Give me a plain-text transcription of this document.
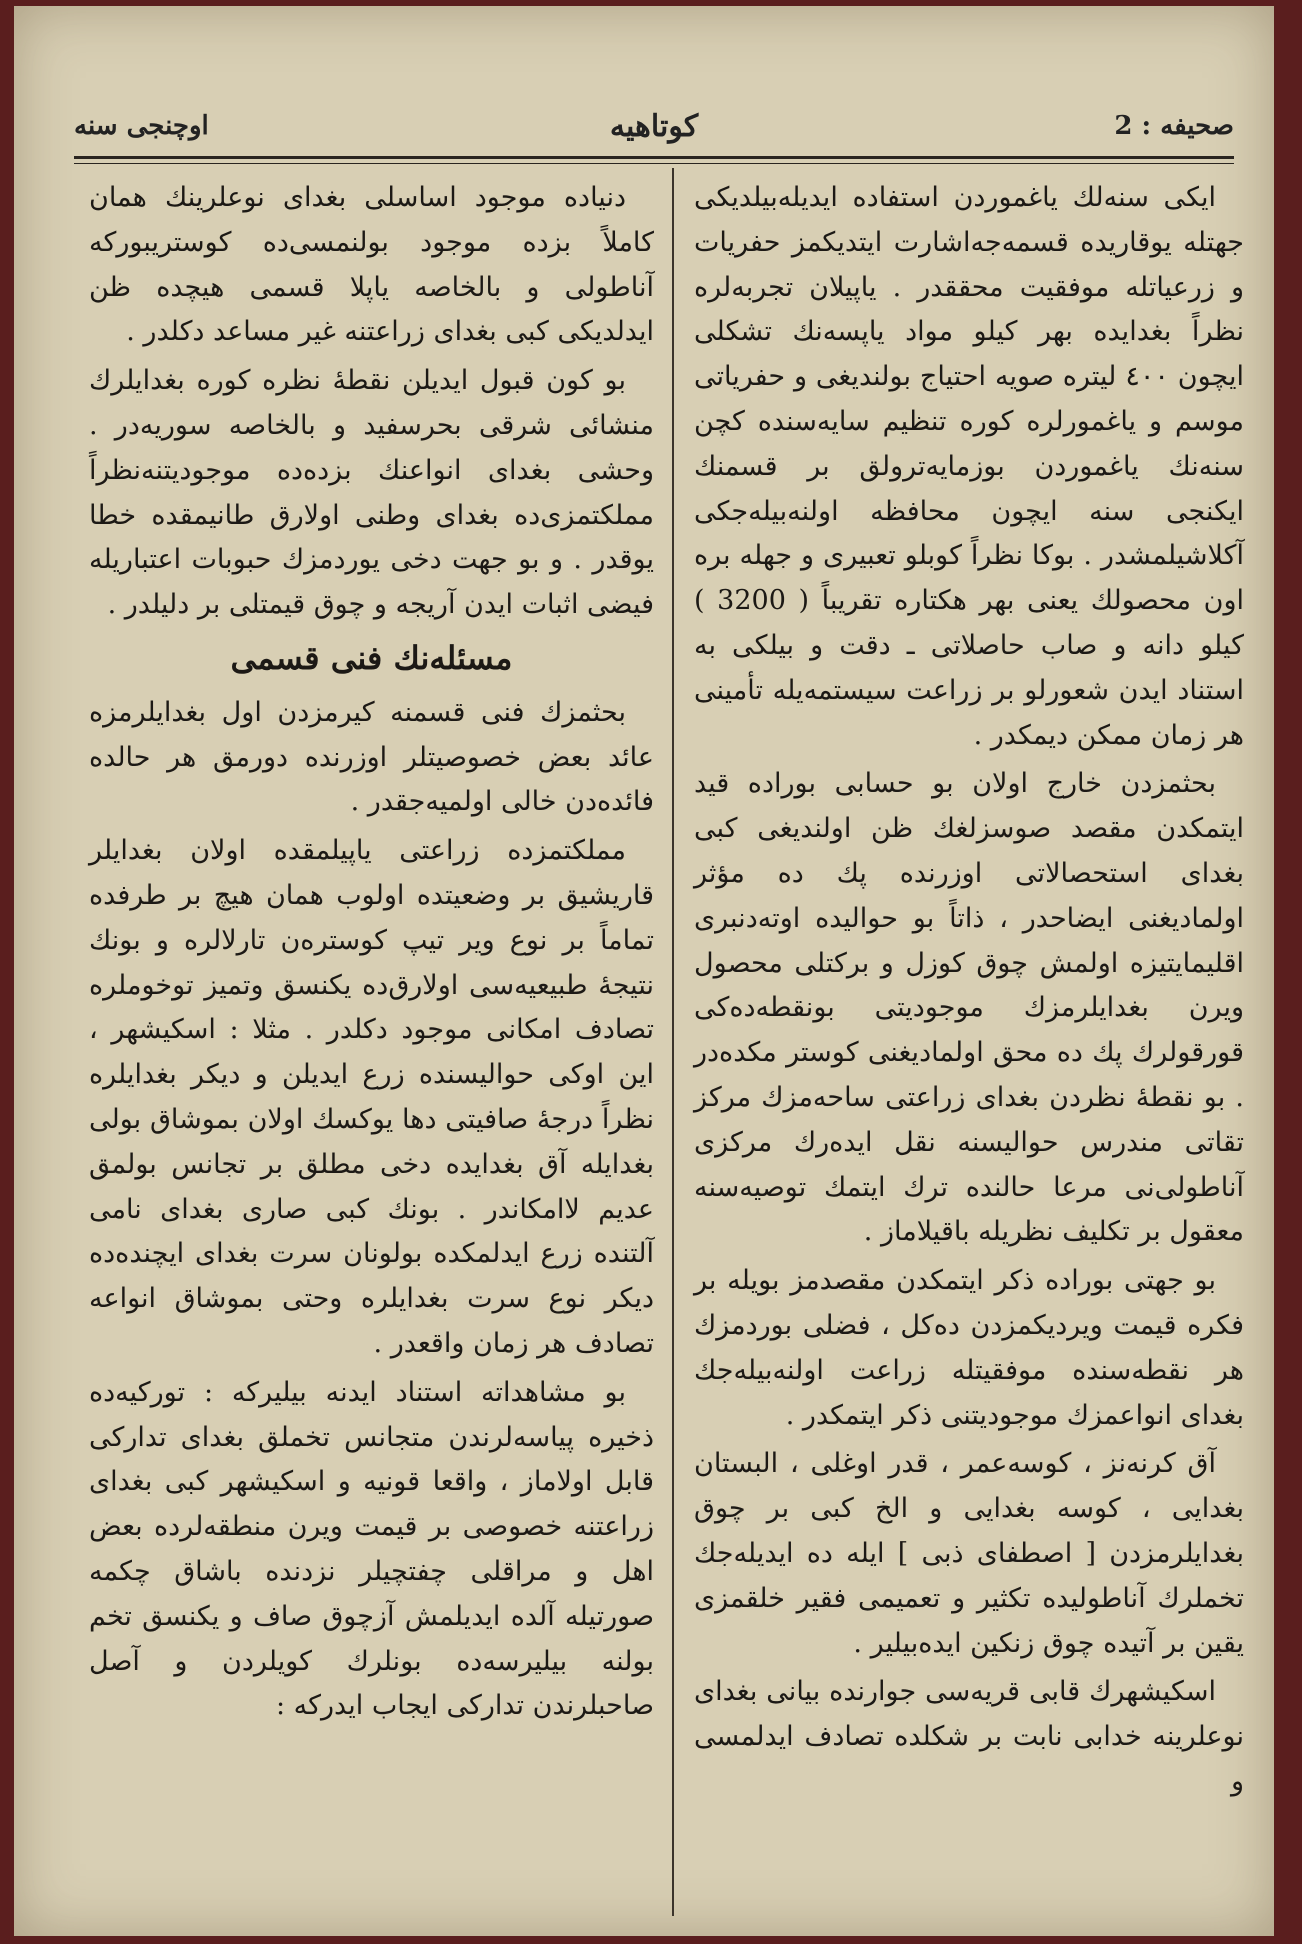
صحيفه : 2
كوتاهيه
اوچنجی سنه

ايكی سنه‌لك ياغموردن استفاده ايديله‌بيلديكی جهتله يوقاريده قسمه‌جه‌اشارت ايتديكمز حفريات و زرعياتله موفقيت محققدر . ياپيلان تجربه‌لره نظراً بغدايده بهر كيلو مواد ياپسه‌نك تشكلی ايچون ٤٠٠ ليتره صويه احتياج بولنديغی و حفرياتی موسم و ياغمورلره كوره تنظيم سايه‌سنده كچن سنه‌نك ياغموردن بوزمايه‌ترولق بر قسمنك ايكنجی سنه ايچون محافظه اولنه‌بيله‌جكی آكلاشيلمشدر . بوكا نظراً كوبلو تعبيری و جهله بره اون محصولك يعنی بهر هكتاره تقريباً ( 3200 ) كيلو دانه و صاب حاصلاتی ـ دقت و بيلكی به استناد ايدن شعورلو بر زراعت سيستمه‌يله تأمينی هر زمان ممكن ديمكدر .

بحثمزدن خارج اولان بو حسابی بوراده قيد ايتمكدن مقصد صوسزلغك ظن اولنديغی كبی بغدای استحصالاتی اوزرنده پك ده مؤثر اولماديغنی ايضاحدر ، ذاتاً بو حواليده اوته‌دنبری اقليمايتيزه اولمش چوق كوزل و بركتلی محصول ويرن بغدايلرمزك موجوديتی بونقطه‌ده‌كی قورقولرك پك ده محق اولماديغنی كوستر مكده‌در . بو نقطهٔ نظردن بغدای زراعتی ساحه‌مزك مركز تقاتی مندرس حواليسنه نقل ايده‌رك مركزی آناطولی‌نی مرعا حالنده ترك ايتمك توصيه‌سنه معقول بر تكليف نظريله باقيلاماز .

بو جهتی بوراده ذكر ايتمكدن مقصدمز بويله بر فكره قيمت ويرديكمزدن ده‌كل ، فضلی بوردمزك هر نقطه‌سنده موفقيتله زراعت اولنه‌بيله‌جك بغدای انواعمزك موجوديتنی ذكر ايتمكدر .

آق كرنه‌نز ، كوسه‌عمر ، قدر اوغلی ، البستان بغدايی ، كوسه بغدايی و الخ كبی بر چوق بغدايلرمزدن [ اصطفای ذبی ] ايله ده ايديله‌جك تخملرك آناطولیده تكثير و تعميمی فقير خلقمزی يقين بر آتيده چوق زنكين ايده‌بيلير .

اسكيشهرك قابی قريه‌سی جوارنده بيانی بغدای نوعلرينه خدابی نابت بر شكلده تصادف ايدلمسی و

دنياده موجود اساسلی بغدای نوعلرينك همان كاملاً بزده موجود بولنمسی‌ده كوستريبوركه آناطولی و بالخاصه ياپلا قسمی هيچده ظن ايدلديكی كبی بغدای زراعتنه غير مساعد دكلدر .

بو كون قبول ايديلن نقطهٔ نظره كوره بغدايلرك منشائی شرقی بحرسفيد و بالخاصه سوريه‌در . وحشی بغدای انواعنك بزده‌ده موجوديتنه‌نظراً مملكتمزی‌ده بغدای وطنی اولارق طانيمقده خطا يوقدر . و بو جهت دخی يوردمزك حبوبات اعتباريله فيضی اثبات ايدن آريجه و چوق قيمتلی بر دليلدر .

مسئله‌نك فنی قسمی

بحثمزك فنی قسمنه كيرمزدن اول بغدايلرمزه عائد بعض خصوصيتلر اوزرنده دورمق هر حالده فائده‌دن خالی اولميه‌جقدر .

مملكتمزده زراعتی ياپيلمقده اولان بغدايلر قاريشيق بر وضعيتده اولوب همان هيچ بر طرفده تماماً بر نوع وير تيپ كوستره‌ن تارلالره و بونك نتيجهٔ طبيعيه‌سی اولارق‌ده يكنسق وتميز توخوملره تصادف امكانی موجود دكلدر . مثلا : اسكيشهر ، اين اوكی حواليسنده زرع ايديلن و ديكر بغدايلره نظراً درجهٔ صافيتی دها يوكسك اولان بموشاق بولی بغدايله آق بغدايده دخی مطلق بر تجانس بولمق عديم لاامكاندر . بونك كبی صاری بغدای نامی آلتنده زرع ايدلمكده بولونان سرت بغدای ايچنده‌ده ديكر نوع سرت بغدايلره وحتی بموشاق انواعه تصادف هر زمان واقعدر .

بو مشاهداته استناد ايدنه بيليركه : توركيه‌ده ذخيره پياسه‌لرندن متجانس تخملق بغدای تداركی قابل اولاماز ، واقعا قونيه و اسكيشهر كبی بغدای زراعتنه خصوصی بر قيمت ويرن منطقه‌لرده بعض اهل و مراقلی چفتچيلر نزدنده باشاق چكمه صورتيله آلده ايديلمش آزچوق صاف و يكنسق تخم بولنه بيليرسه‌ده بونلرك كويلردن و آصل صاحبلرندن تداركی ايجاب ايدركه :
